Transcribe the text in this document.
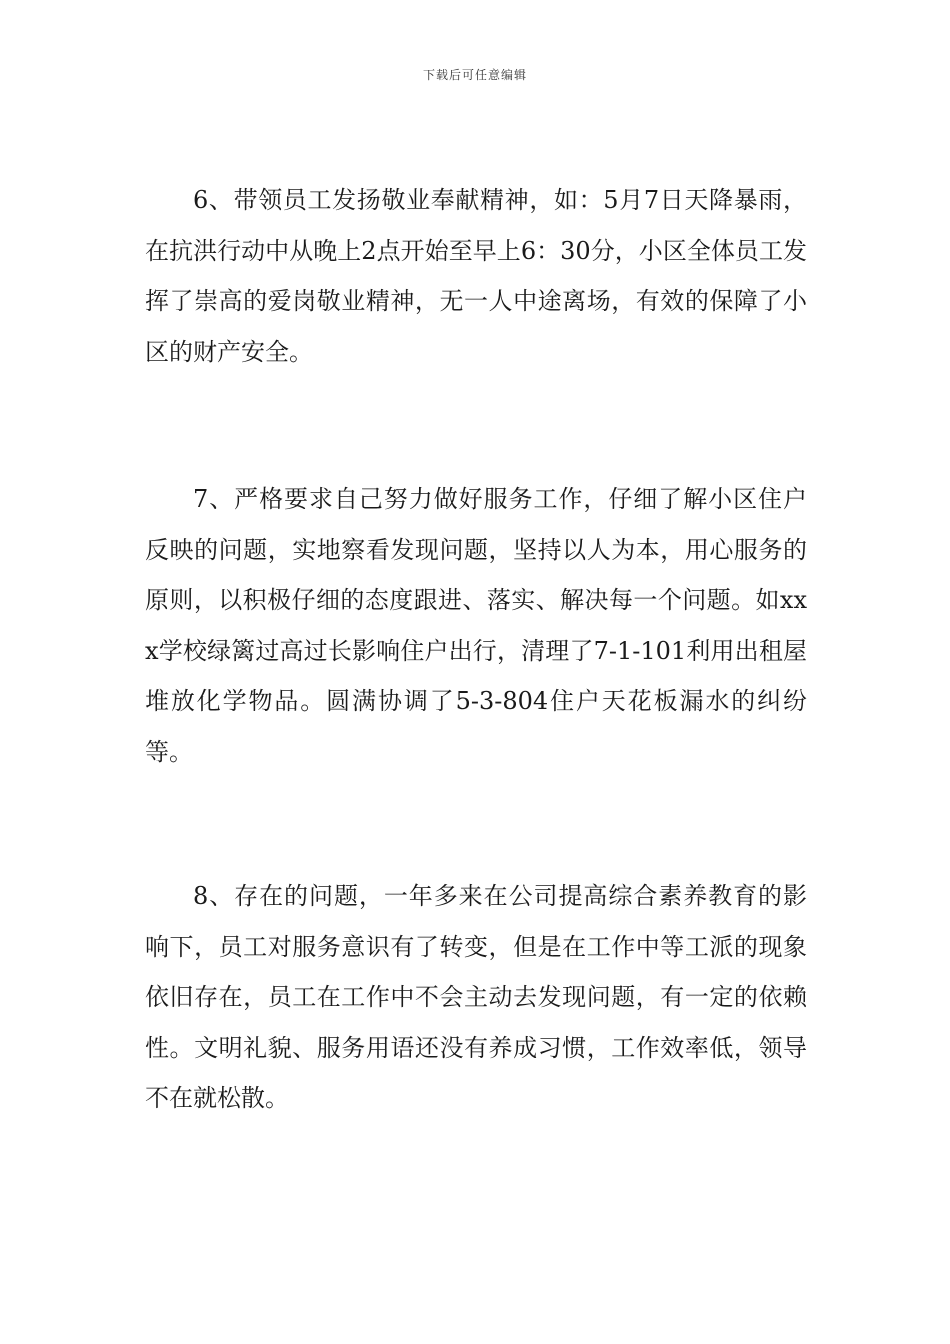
下载后可任意编辑

6、带领员工发扬敬业奉献精神，如：5月7日天降暴雨，在抗洪行动中从晚上2点开始至早上6：30分，小区全体员工发挥了崇高的爱岗敬业精神，无一人中途离场，有效的保障了小区的财产安全。

7、严格要求自己努力做好服务工作，仔细了解小区住户反映的问题，实地察看发现问题，坚持以人为本，用心服务的原则，以积极仔细的态度跟进、落实、解决每一个问题。如xxx学校绿篱过高过长影响住户出行，清理了7-1-101利用出租屋堆放化学物品。圆满协调了5-3-804住户天花板漏水的纠纷等。

8、存在的问题，一年多来在公司提高综合素养教育的影响下，员工对服务意识有了转变，但是在工作中等工派的现象依旧存在，员工在工作中不会主动去发现问题，有一定的依赖性。文明礼貌、服务用语还没有养成习惯，工作效率低，领导不在就松散。
